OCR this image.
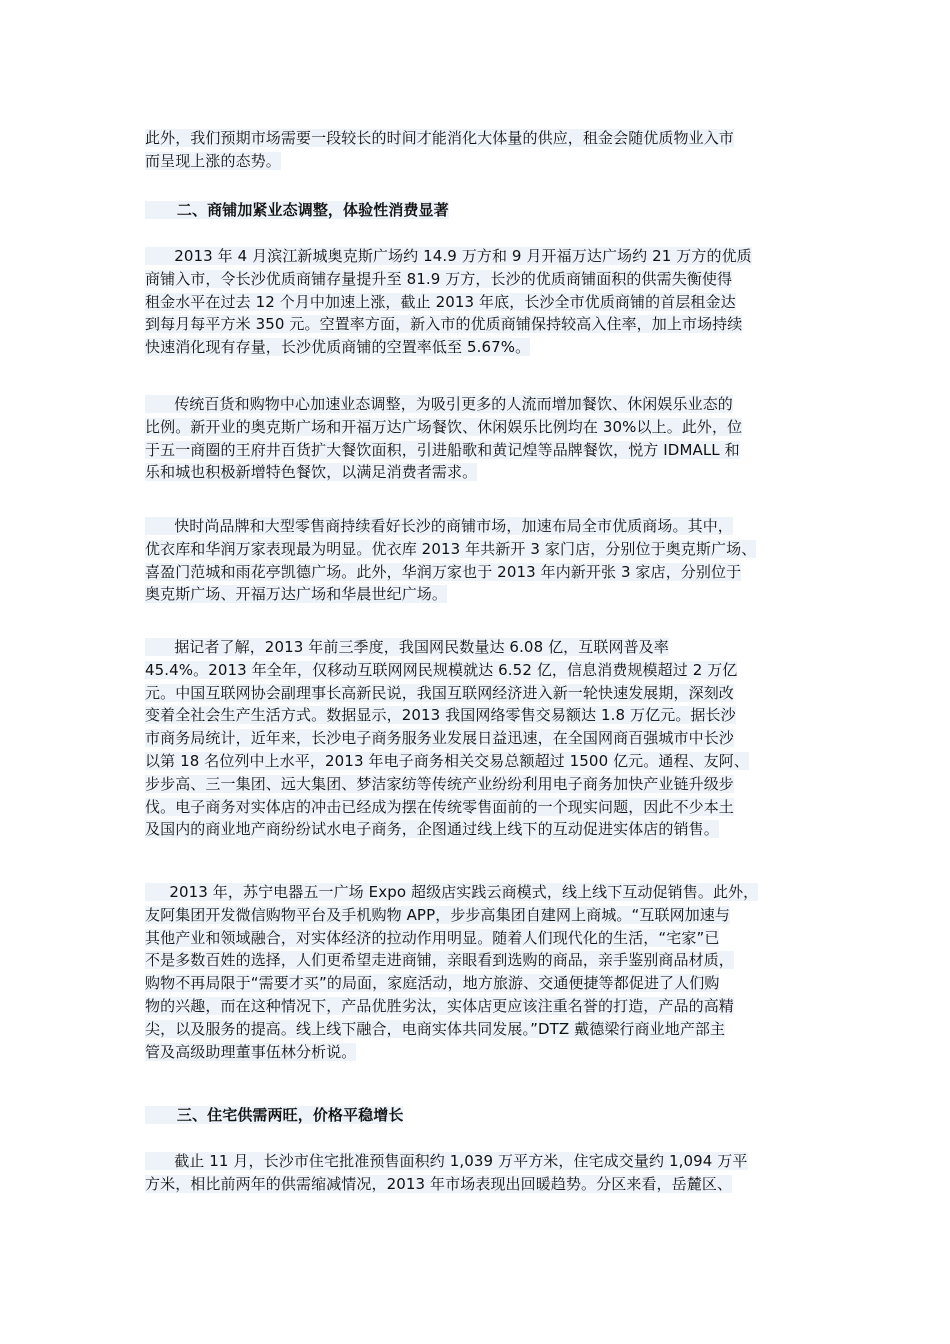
此外，我们预期市场需要一段较长的时间才能消化大体量的供应，租金会随优质物业入市
而呈现上涨的态势。
二、商铺加紧业态调整，体验性消费显著
2013 年 4 月滨江新城奥克斯广场约 14.9 万方和 9 月开福万达广场约 21 万方的优质
商铺入市，令长沙优质商铺存量提升至 81.9 万方，长沙的优质商铺面积的供需失衡使得
租金水平在过去 12 个月中加速上涨，截止 2013 年底，长沙全市优质商铺的首层租金达
到每月每平方米 350 元。空置率方面，新入市的优质商铺保持较高入住率，加上市场持续
快速消化现有存量，长沙优质商铺的空置率低至 5.67%。
传统百货和购物中心加速业态调整，为吸引更多的人流而增加餐饮、休闲娱乐业态的
比例。新开业的奥克斯广场和开福万达广场餐饮、休闲娱乐比例均在 30%以上。此外，位
于五一商圈的王府井百货扩大餐饮面积，引进船歌和黄记煌等品牌餐饮，悦方 IDMALL 和
乐和城也积极新增特色餐饮，以满足消费者需求。
快时尚品牌和大型零售商持续看好长沙的商铺市场，加速布局全市优质商场。其中，
优衣库和华润万家表现最为明显。优衣库 2013 年共新开 3 家门店，分别位于奥克斯广场、
喜盈门范城和雨花亭凯德广场。此外，华润万家也于 2013 年内新开张 3 家店，分别位于
奥克斯广场、开福万达广场和华晨世纪广场。
据记者了解，2013 年前三季度，我国网民数量达 6.08 亿，互联网普及率
45.4%。2013 年全年，仅移动互联网网民规模就达 6.52 亿，信息消费规模超过 2 万亿
元。中国互联网协会副理事长高新民说，我国互联网经济进入新一轮快速发展期，深刻改
变着全社会生产生活方式。数据显示，2013 我国网络零售交易额达 1.8 万亿元。据长沙
市商务局统计，近年来，长沙电子商务服务业发展日益迅速，在全国网商百强城市中长沙
以第 18 名位列中上水平，2013 年电子商务相关交易总额超过 1500 亿元。通程、友阿、
步步高、三一集团、远大集团、梦洁家纺等传统产业纷纷利用电子商务加快产业链升级步
伐。电子商务对实体店的冲击已经成为摆在传统零售面前的一个现实问题，因此不少本土
及国内的商业地产商纷纷试水电子商务，企图通过线上线下的互动促进实体店的销售。
2013 年，苏宁电器五一广场 Expo 超级店实践云商模式，线上线下互动促销售。此外，
友阿集团开发微信购物平台及手机购物 APP，步步高集团自建网上商城。“互联网加速与
其他产业和领域融合，对实体经济的拉动作用明显。随着人们现代化的生活，“宅家”已
不是多数百姓的选择，人们更希望走进商铺，亲眼看到选购的商品，亲手鉴别商品材质，
购物不再局限于“需要才买”的局面，家庭活动，地方旅游、交通便捷等都促进了人们购
物的兴趣，而在这种情况下，产品优胜劣汰，实体店更应该注重名誉的打造，产品的高精
尖，以及服务的提高。线上线下融合，电商实体共同发展。”DTZ 戴德梁行商业地产部主
管及高级助理董事伍林分析说。
三、住宅供需两旺，价格平稳增长
截止 11 月，长沙市住宅批准预售面积约 1,039 万平方米，住宅成交量约 1,094 万平
方米，相比前两年的供需缩减情况，2013 年市场表现出回暖趋势。分区来看，岳麓区、
